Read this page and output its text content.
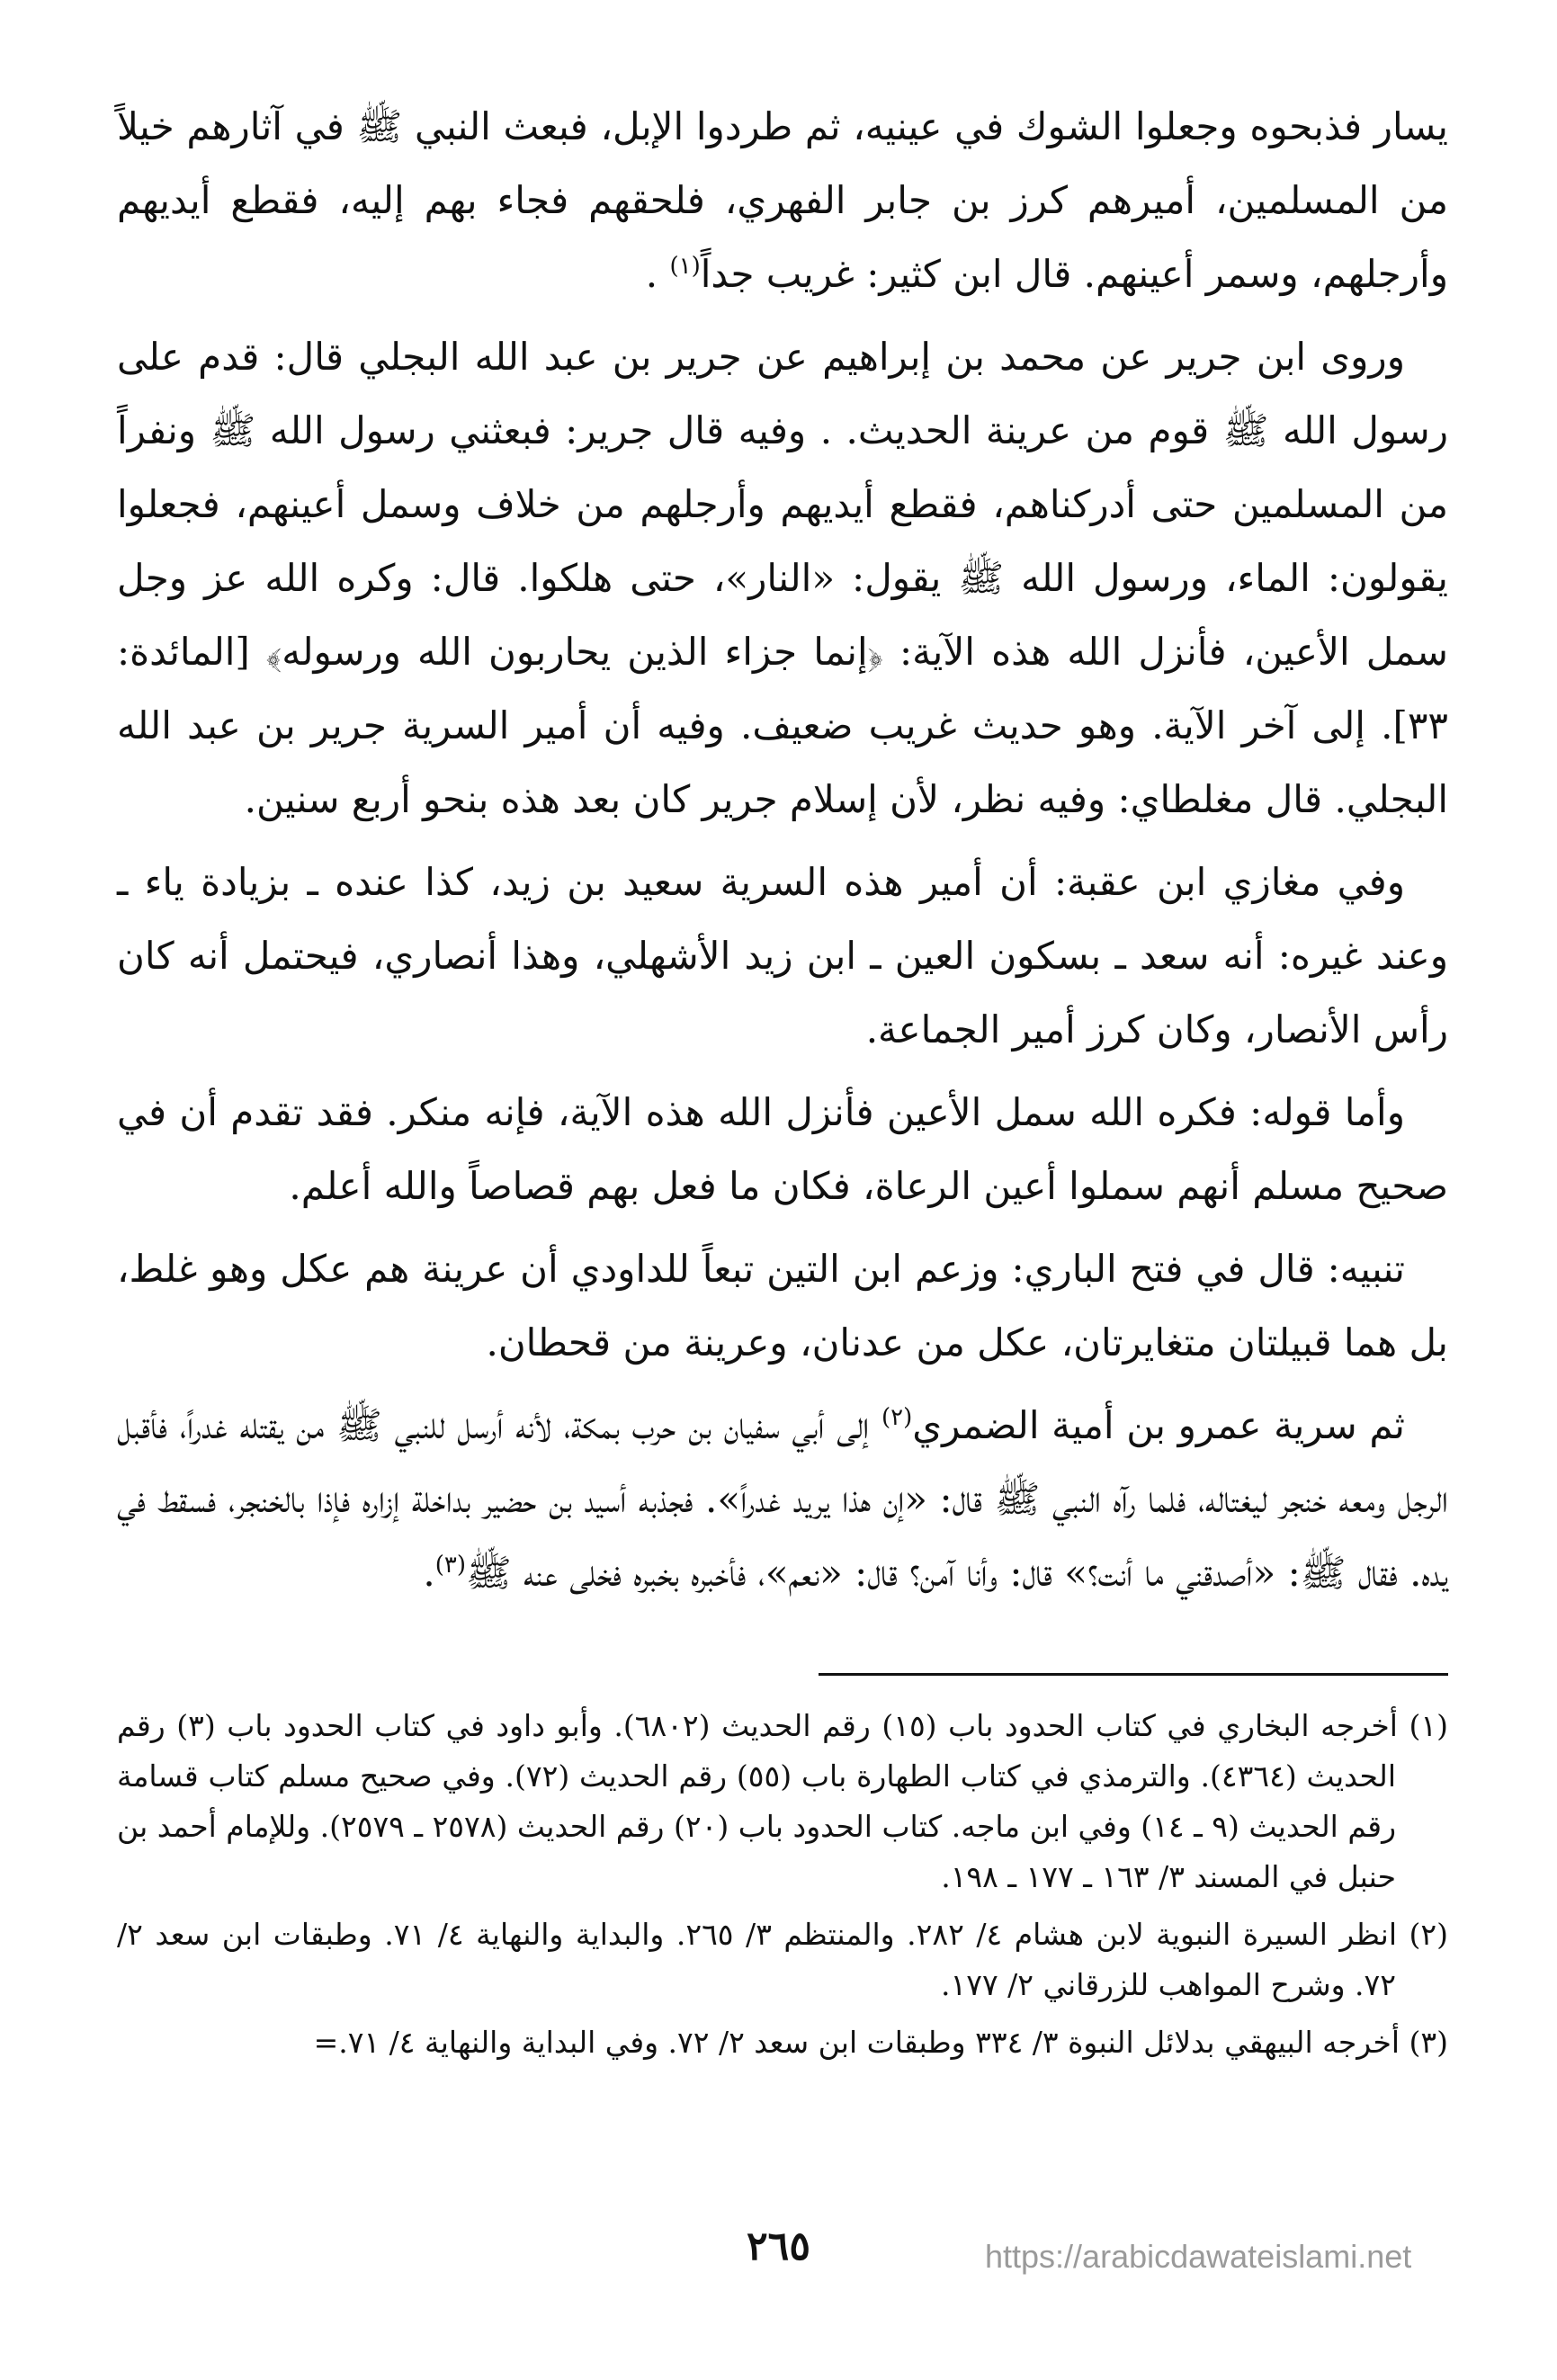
يسار فذبحوه وجعلوا الشوك في عينيه، ثم طردوا الإبل، فبعث النبي ﷺ في آثارهم خيلاً من المسلمين، أميرهم كرز بن جابر الفهري، فلحقهم فجاء بهم إليه، فقطع أيديهم وأرجلهم، وسمر أعينهم. قال ابن كثير: غريب جداً$^{(١)}$ .

وروى ابن جرير عن محمد بن إبراهيم عن جرير بن عبد الله البجلي قال: قدم على رسول الله ﷺ قوم من عرينة الحديث. . وفيه قال جرير: فبعثني رسول الله ﷺ ونفراً من المسلمين حتى أدركناهم، فقطع أيديهم وأرجلهم من خلاف وسمل أعينهم، فجعلوا يقولون: الماء، ورسول الله ﷺ يقول: «النار»، حتى هلكوا. قال: وكره الله عز وجل سمل الأعين، فأنزل الله هذه الآية: ﴿إنما جزاء الذين يحاربون الله ورسوله﴾ [المائدة: ٣٣]. إلى آخر الآية. وهو حديث غريب ضعيف. وفيه أن أمير السرية جرير بن عبد الله البجلي. قال مغلطاي: وفيه نظر، لأن إسلام جرير كان بعد هذه بنحو أربع سنين.

وفي مغازي ابن عقبة: أن أمير هذه السرية سعيد بن زيد، كذا عنده ـ بزيادة ياء ـ وعند غيره: أنه سعد ـ بسكون العين ـ ابن زيد الأشهلي، وهذا أنصاري، فيحتمل أنه كان رأس الأنصار، وكان كرز أمير الجماعة.

وأما قوله: فكره الله سمل الأعين فأنزل الله هذه الآية، فإنه منكر. فقد تقدم أن في صحيح مسلم أنهم سملوا أعين الرعاة، فكان ما فعل بهم قصاصاً والله أعلم.

تنبيه: قال في فتح الباري: وزعم ابن التين تبعاً للداودي أن عرينة هم عكل وهو غلط، بل هما قبيلتان متغايرتان، عكل من عدنان، وعرينة من قحطان.

ثم سرية عمرو بن أمية الضمري$^{(٢)}$ إلى أبي سفيان بن حرب بمكة، لأنه أرسل للنبي ﷺ من يقتله غدراً، فأقبل الرجل ومعه خنجر ليغتاله، فلما رآه النبي ﷺ قال: «إن هذا يريد غدراً». فجذبه أسيد بن حضير بداخلة إزاره فإذا بالخنجر، فسقط في يده. فقال ﷺ: «أصدقني ما أنت؟» قال: وأنا آمن؟ قال: «نعم»، فأخبره بخبره فخلى عنه ﷺ$^{(٣)}$.

(١) أخرجه البخاري في كتاب الحدود باب (١٥) رقم الحديث (٦٨٠٢). وأبو داود في كتاب الحدود باب (٣) رقم الحديث (٤٣٦٤). والترمذي في كتاب الطهارة باب (٥٥) رقم الحديث (٧٢). وفي صحيح مسلم كتاب قسامة رقم الحديث (٩ ـ ١٤) وفي ابن ماجه. كتاب الحدود باب (٢٠) رقم الحديث (٢٥٧٨ ـ ٢٥٧٩). وللإمام أحمد بن حنبل في المسند ٣/ ١٦٣ ـ ١٧٧ ـ ١٩٨.

(٢) انظر السيرة النبوية لابن هشام ٤/ ٢٨٢. والمنتظم ٣/ ٢٦٥. والبداية والنهاية ٤/ ٧١. وطبقات ابن سعد ٢/ ٧٢. وشرح المواهب للزرقاني ٢/ ١٧٧.

(٣) أخرجه البيهقي بدلائل النبوة ٣/ ٣٣٤ وطبقات ابن سعد ٢/ ٧٢. وفي البداية والنهاية ٤/ ٧١.=

٢٦٥	https://arabicdawateislami.net
